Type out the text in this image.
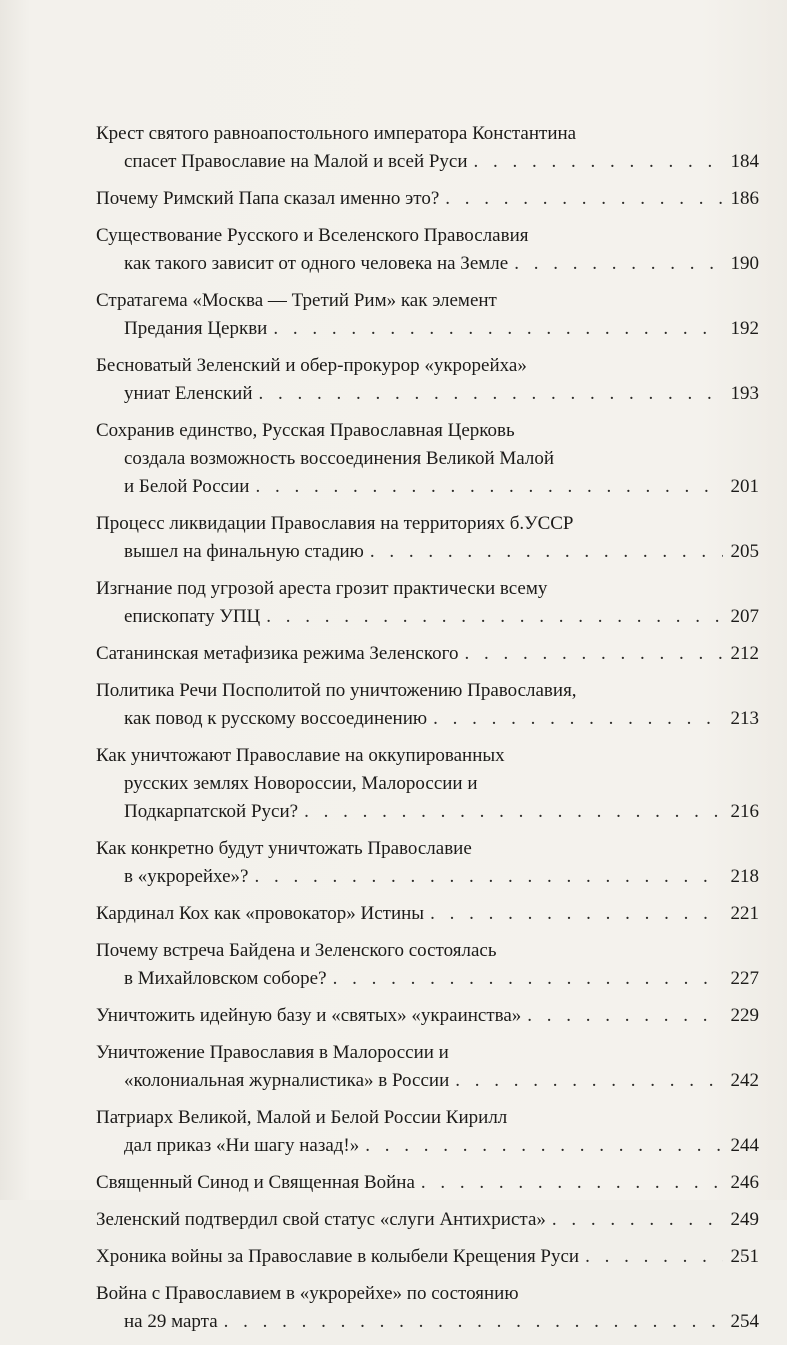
Крест святого равноапостольного императора Константина
спасет Православие на Малой и всей Руси . . .	184
Почему Римский Папа сказал именно это? . . .	186
Существование Русского и Вселенского Православия
как такого зависит от одного человека на Земле . . .	190
Стратагема «Москва — Третий Рим» как элемент
Предания Церкви . . .	192
Бесноватый Зеленский и обер-прокурор «укрорейха»
униат Еленский . . .	193
Сохранив единство, Русская Православная Церковь
создала возможность воссоединения Великой Малой
и Белой России . . .	201
Процесс ликвидации Православия на территориях б.УССР
вышел на финальную стадию . . .	205
Изгнание под угрозой ареста грозит практически всему
епископату УПЦ . . .	207
Сатанинская метафизика режима Зеленского . . .	212
Политика Речи Посполитой по уничтожению Православия,
как повод к русскому воссоединению . . .	213
Как уничтожают Православие на оккупированных
русских землях Новороссии, Малороссии и
Подкарпатской Руси? . . .	216
Как конкретно будут уничтожать Православие
в «укрорейхе»? . . .	218
Кардинал Кох как «провокатор» Истины . . .	221
Почему встреча Байдена и Зеленского состоялась
в Михайловском соборе? . . .	227
Уничтожить идейную базу и «святых» «украинства» . . .	229
Уничтожение Православия в Малороссии и
«колониальная журналистика» в России . . .	242
Патриарх Великой, Малой и Белой России Кирилл
дал приказ «Ни шагу назад!» . . .	244
Священный Синод и Священная Война . . .	246
Зеленский подтвердил свой статус «слуги Антихриста» . . .	249
Хроника войны за Православие в колыбели Крещения Руси . . .	251
Война с Православием в «укрорейхе» по состоянию
на 29 марта . . .	254
